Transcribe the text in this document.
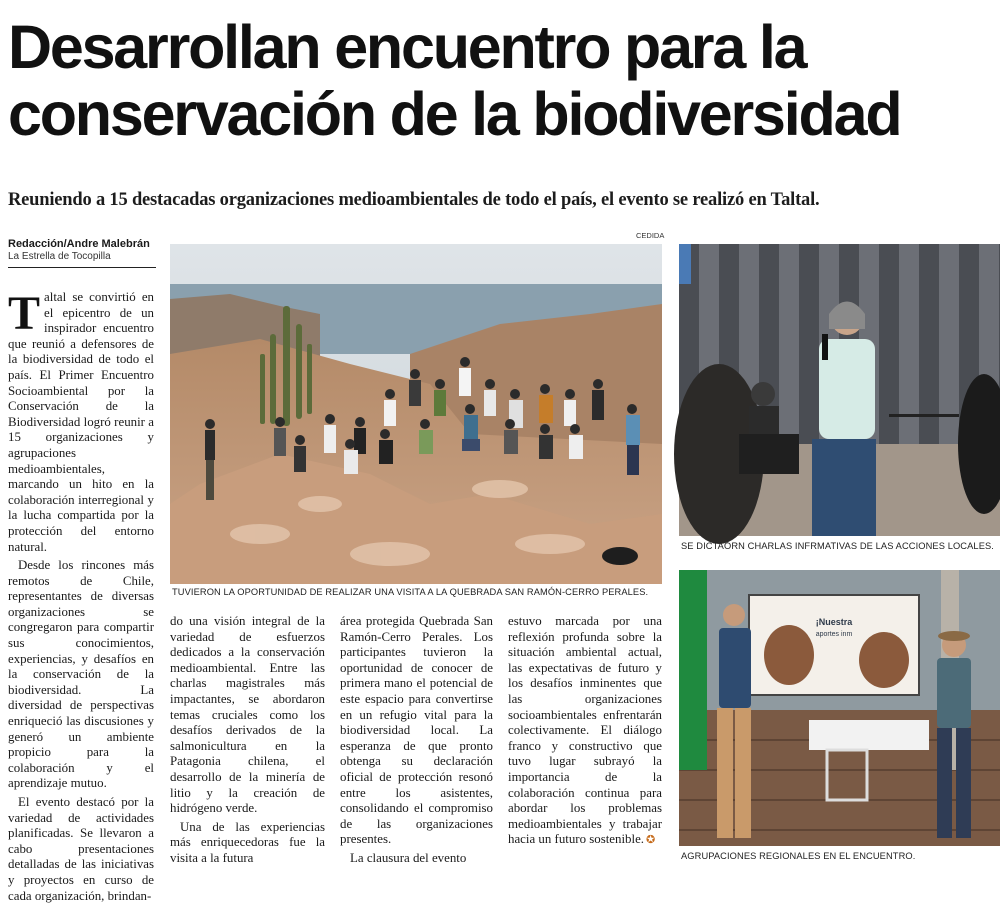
Desarrollan encuentro para la
conservación de la biodiversidad
Reuniendo a 15 destacadas organizaciones medioambientales de todo el país, el evento se realizó en Taltal.
Redacción/Andre Malebrán
La Estrella de Tocopilla
CEDIDA

Taltal se convirtió en el epicentro de un inspirador encuentro que reunió a defensores de la biodiversidad de todo el país. El Primer Encuentro Socioambiental por la Conservación de la Biodiversidad logró reunir a 15 organizaciones y agrupaciones medioambientales, marcando un hito en la colaboración interregional y la lucha compartida por la protección del entorno natural.

Desde los rincones más remotos de Chile, representantes de diversas organizaciones se congregaron para compartir sus conocimientos, experiencias, y desafíos en la conservación de la biodiversidad. La diversidad de perspectivas enriqueció las discusiones y generó un ambiente propicio para la colaboración y el aprendizaje mutuo.

El evento destacó por la variedad de actividades planificadas. Se llevaron a cabo presentaciones detalladas de las iniciativas y proyectos en curso de cada organización, brindan-

do una visión integral de la variedad de esfuerzos dedicados a la conservación medioambiental. Entre las charlas magistrales más impactantes, se abordaron temas cruciales como los desafíos derivados de la salmonicultura en la Patagonia chilena, el desarrollo de la minería de litio y la creación de hidrógeno verde.

Una de las experiencias más enriquecedoras fue la visita a la futura

área protegida Quebrada San Ramón-Cerro Perales. Los participantes tuvieron la oportunidad de conocer de primera mano el potencial de este espacio para convertirse en un refugio vital para la biodiversidad local. La esperanza de que pronto obtenga su declaración oficial de protección resonó entre los asistentes, consolidando el compromiso de las organizaciones presentes.

La clausura del evento

estuvo marcada por una reflexión profunda sobre la situación ambiental actual, las expectativas de futuro y los desafíos inminentes que las organizaciones socioambientales enfrentarán colectivamente. El diálogo franco y constructivo que tuvo lugar subrayó la importancia de la colaboración continua para abordar los problemas medioambientales y trabajar hacia un futuro sostenible. ✪

¡Nuestra
aportes inm
TUVIERON LA OPORTUNIDAD DE REALIZAR UNA VISITA A LA QUEBRADA SAN RAMÓN-CERRO PERALES.
SE DICTAORN CHARLAS INFRMATIVAS DE LAS ACCIONES LOCALES.
AGRUPACIONES REGIONALES EN EL ENCUENTRO.
